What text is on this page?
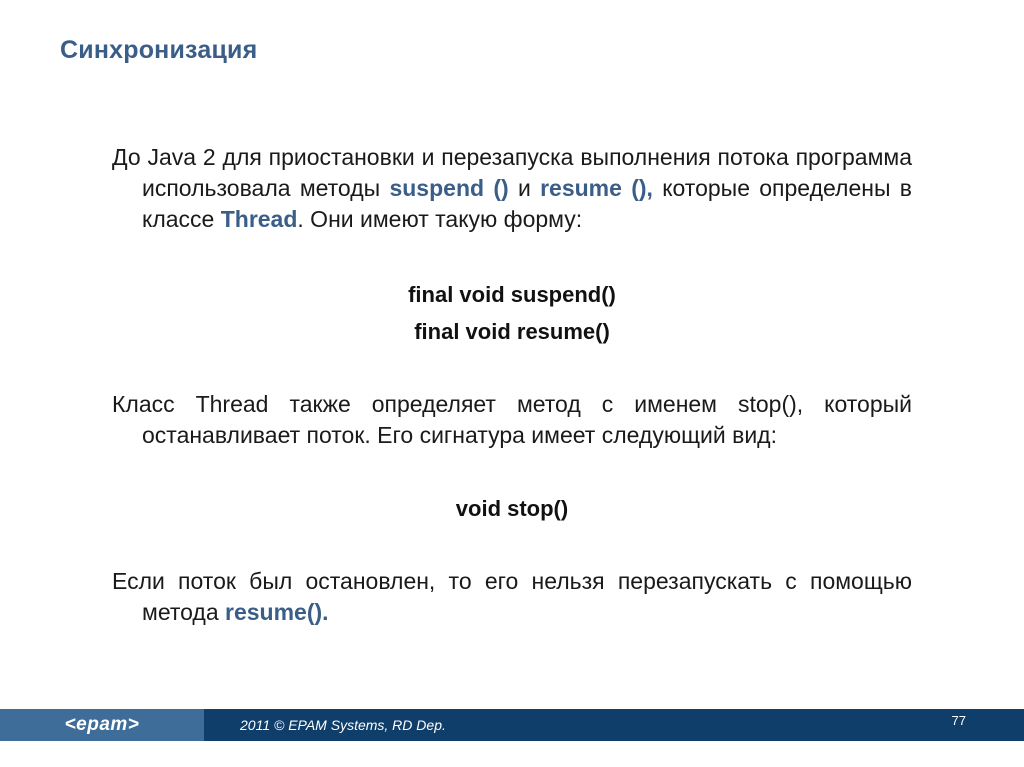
Синхронизация

До Java 2 для приостановки и перезапуска выполнения потока программа использовала методы suspend () и resume (), которые определены в классе Thread. Они имеют такую форму:

final void suspend()

final void resume()

Класс Thread также определяет метод с именем stop(), который останавливает поток. Его сигнатура имеет следующий вид:

void stop()

Если поток был остановлен, то его нельзя перезапускать с помощью метода resume().

<epam>	2011 © EPAM Systems, RD Dep.	77
